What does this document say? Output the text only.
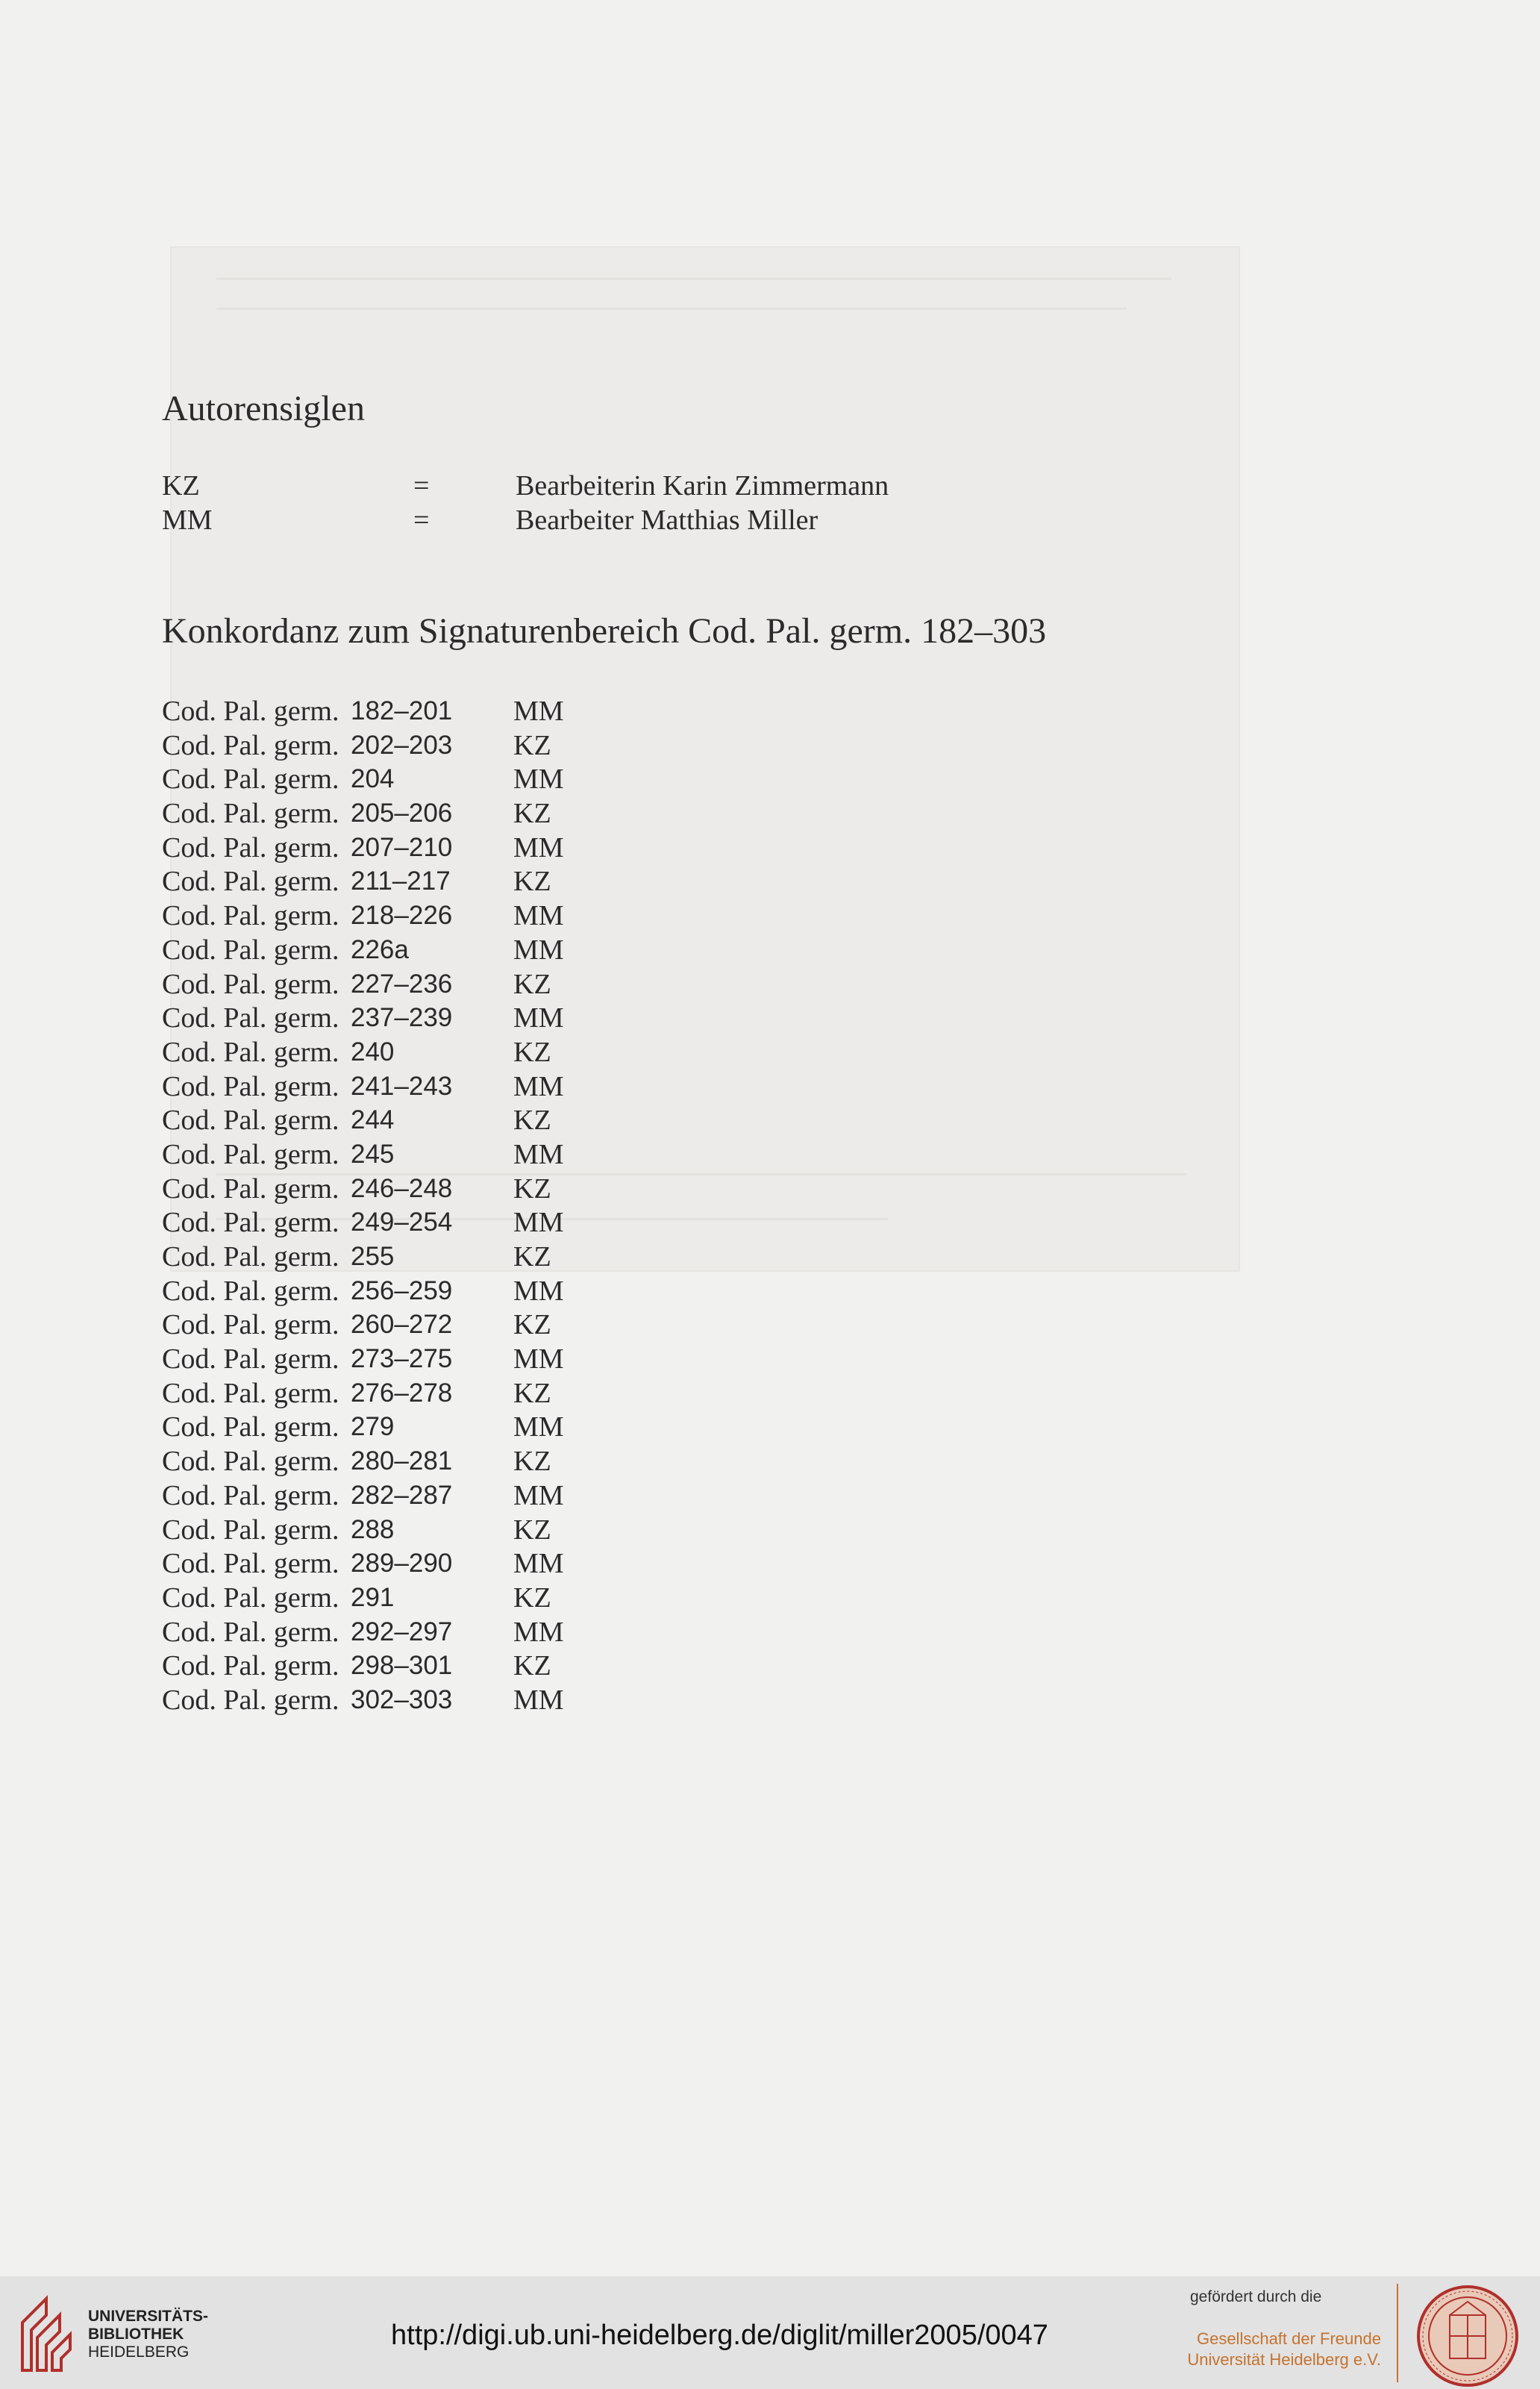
Autorensiglen
KZ	=	Bearbeiterin Karin Zimmermann
MM	=	Bearbeiter Matthias Miller
Konkordanz zum Signaturenbereich Cod. Pal. germ. 182–303
Cod. Pal. germ. 182–201 MM
Cod. Pal. germ. 202–203 KZ
Cod. Pal. germ. 204	MM
Cod. Pal. germ. 205–206 KZ
Cod. Pal. germ. 207–210 MM
Cod. Pal. germ. 211–217 KZ
Cod. Pal. germ. 218–226 MM
Cod. Pal. germ. 226a	MM
Cod. Pal. germ. 227–236 KZ
Cod. Pal. germ. 237–239 MM
Cod. Pal. germ. 240	KZ
Cod. Pal. germ. 241–243 MM
Cod. Pal. germ. 244	KZ
Cod. Pal. germ. 245	MM
Cod. Pal. germ. 246–248 KZ
Cod. Pal. germ. 249–254 MM
Cod. Pal. germ. 255	KZ
Cod. Pal. germ. 256–259 MM
Cod. Pal. germ. 260–272 KZ
Cod. Pal. germ. 273–275 MM
Cod. Pal. germ. 276–278 KZ
Cod. Pal. germ. 279	MM
Cod. Pal. germ. 280–281 KZ
Cod. Pal. germ. 282–287 MM
Cod. Pal. germ. 288	KZ
Cod. Pal. germ. 289–290 MM
Cod. Pal. germ. 291	KZ
Cod. Pal. germ. 292–297 MM
Cod. Pal. germ. 298–301 KZ
Cod. Pal. germ. 302–303 MM
UNIVERSITÄTS-
BIBLIOTHEK
HEIDELBERG
http://digi.ub.uni-heidelberg.de/diglit/miller2005/0047
gefördert durch die
Gesellschaft der Freunde
Universität Heidelberg e.V.
